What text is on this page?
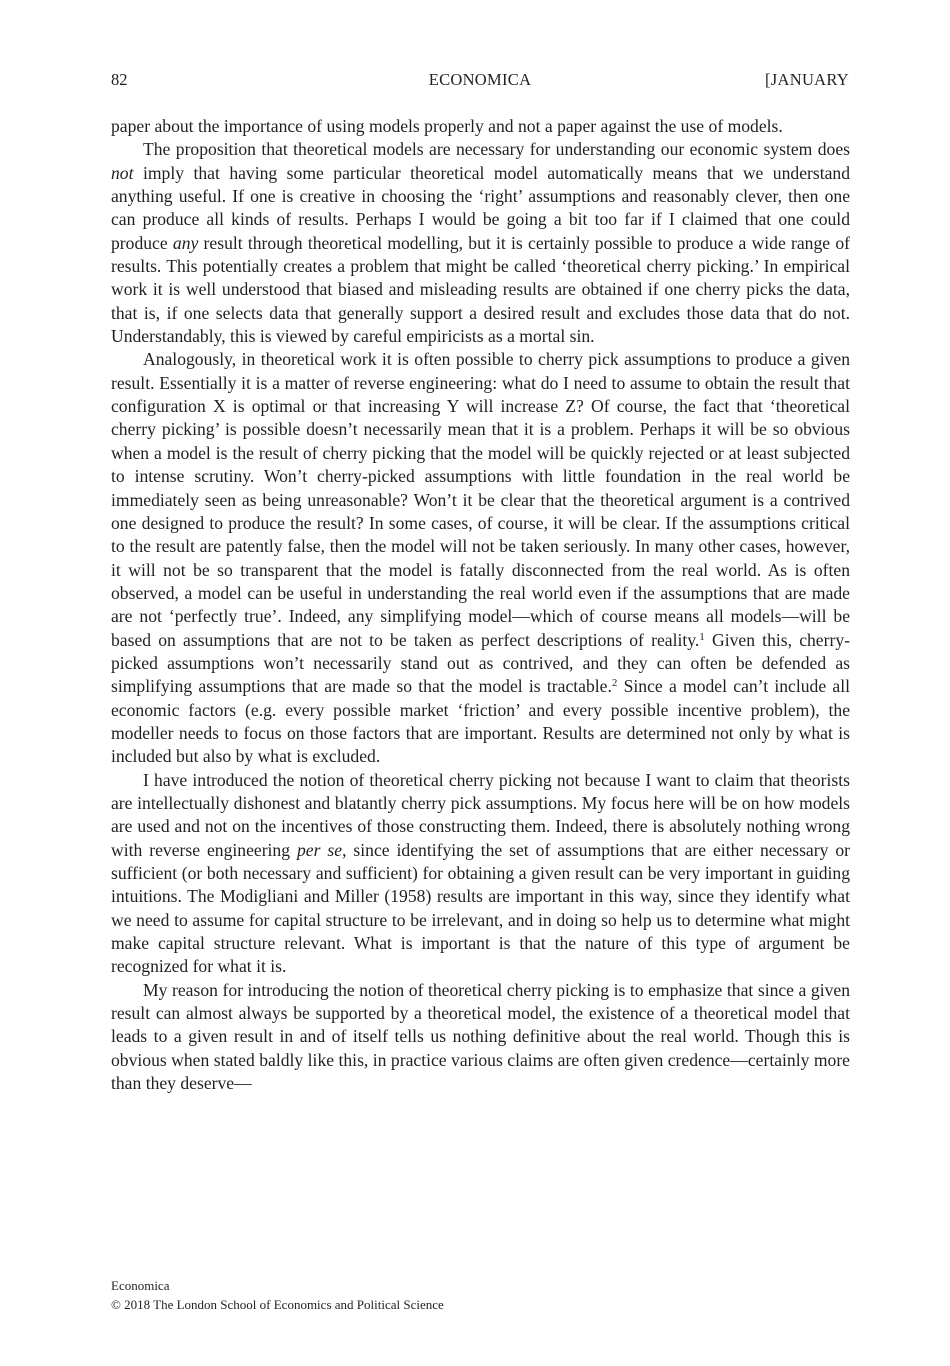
82	ECONOMICA	[JANUARY

paper about the importance of using models properly and not a paper against the use of models.

The proposition that theoretical models are necessary for understanding our economic system does not imply that having some particular theoretical model automatically means that we understand anything useful. If one is creative in choosing the ‘right’ assumptions and reasonably clever, then one can produce all kinds of results. Perhaps I would be going a bit too far if I claimed that one could produce any result through theoretical modelling, but it is certainly possible to produce a wide range of results. This potentially creates a problem that might be called ‘theoretical cherry picking.’ In empirical work it is well understood that biased and misleading results are obtained if one cherry picks the data, that is, if one selects data that generally support a desired result and excludes those data that do not. Understandably, this is viewed by careful empiricists as a mortal sin.

Analogously, in theoretical work it is often possible to cherry pick assumptions to produce a given result. Essentially it is a matter of reverse engineering: what do I need to assume to obtain the result that configuration X is optimal or that increasing Y will increase Z? Of course, the fact that ‘theoretical cherry picking’ is possible doesn’t necessarily mean that it is a problem. Perhaps it will be so obvious when a model is the result of cherry picking that the model will be quickly rejected or at least subjected to intense scrutiny. Won’t cherry-picked assumptions with little foundation in the real world be immediately seen as being unreasonable? Won’t it be clear that the theoretical argument is a contrived one designed to produce the result? In some cases, of course, it will be clear. If the assumptions critical to the result are patently false, then the model will not be taken seriously. In many other cases, however, it will not be so transparent that the model is fatally disconnected from the real world. As is often observed, a model can be useful in understanding the real world even if the assumptions that are made are not ‘perfectly true’. Indeed, any simplifying model—which of course means all models—will be based on assumptions that are not to be taken as perfect descriptions of reality.$^1$ Given this, cherry-picked assumptions won’t necessarily stand out as contrived, and they can often be defended as simplifying assumptions that are made so that the model is tractable.$^2$ Since a model can’t include all economic factors (e.g. every possible market ‘friction’ and every possible incentive problem), the modeller needs to focus on those factors that are important. Results are determined not only by what is included but also by what is excluded.

I have introduced the notion of theoretical cherry picking not because I want to claim that theorists are intellectually dishonest and blatantly cherry pick assumptions. My focus here will be on how models are used and not on the incentives of those constructing them. Indeed, there is absolutely nothing wrong with reverse engineering per se, since identifying the set of assumptions that are either necessary or sufficient (or both necessary and sufficient) for obtaining a given result can be very important in guiding intuitions. The Modigliani and Miller (1958) results are important in this way, since they identify what we need to assume for capital structure to be irrelevant, and in doing so help us to determine what might make capital structure relevant. What is important is that the nature of this type of argument be recognized for what it is.

My reason for introducing the notion of theoretical cherry picking is to emphasize that since a given result can almost always be supported by a theoretical model, the existence of a theoretical model that leads to a given result in and of itself tells us nothing definitive about the real world. Though this is obvious when stated baldly like this, in practice various claims are often given credence—certainly more than they deserve—

Economica
© 2018 The London School of Economics and Political Science
